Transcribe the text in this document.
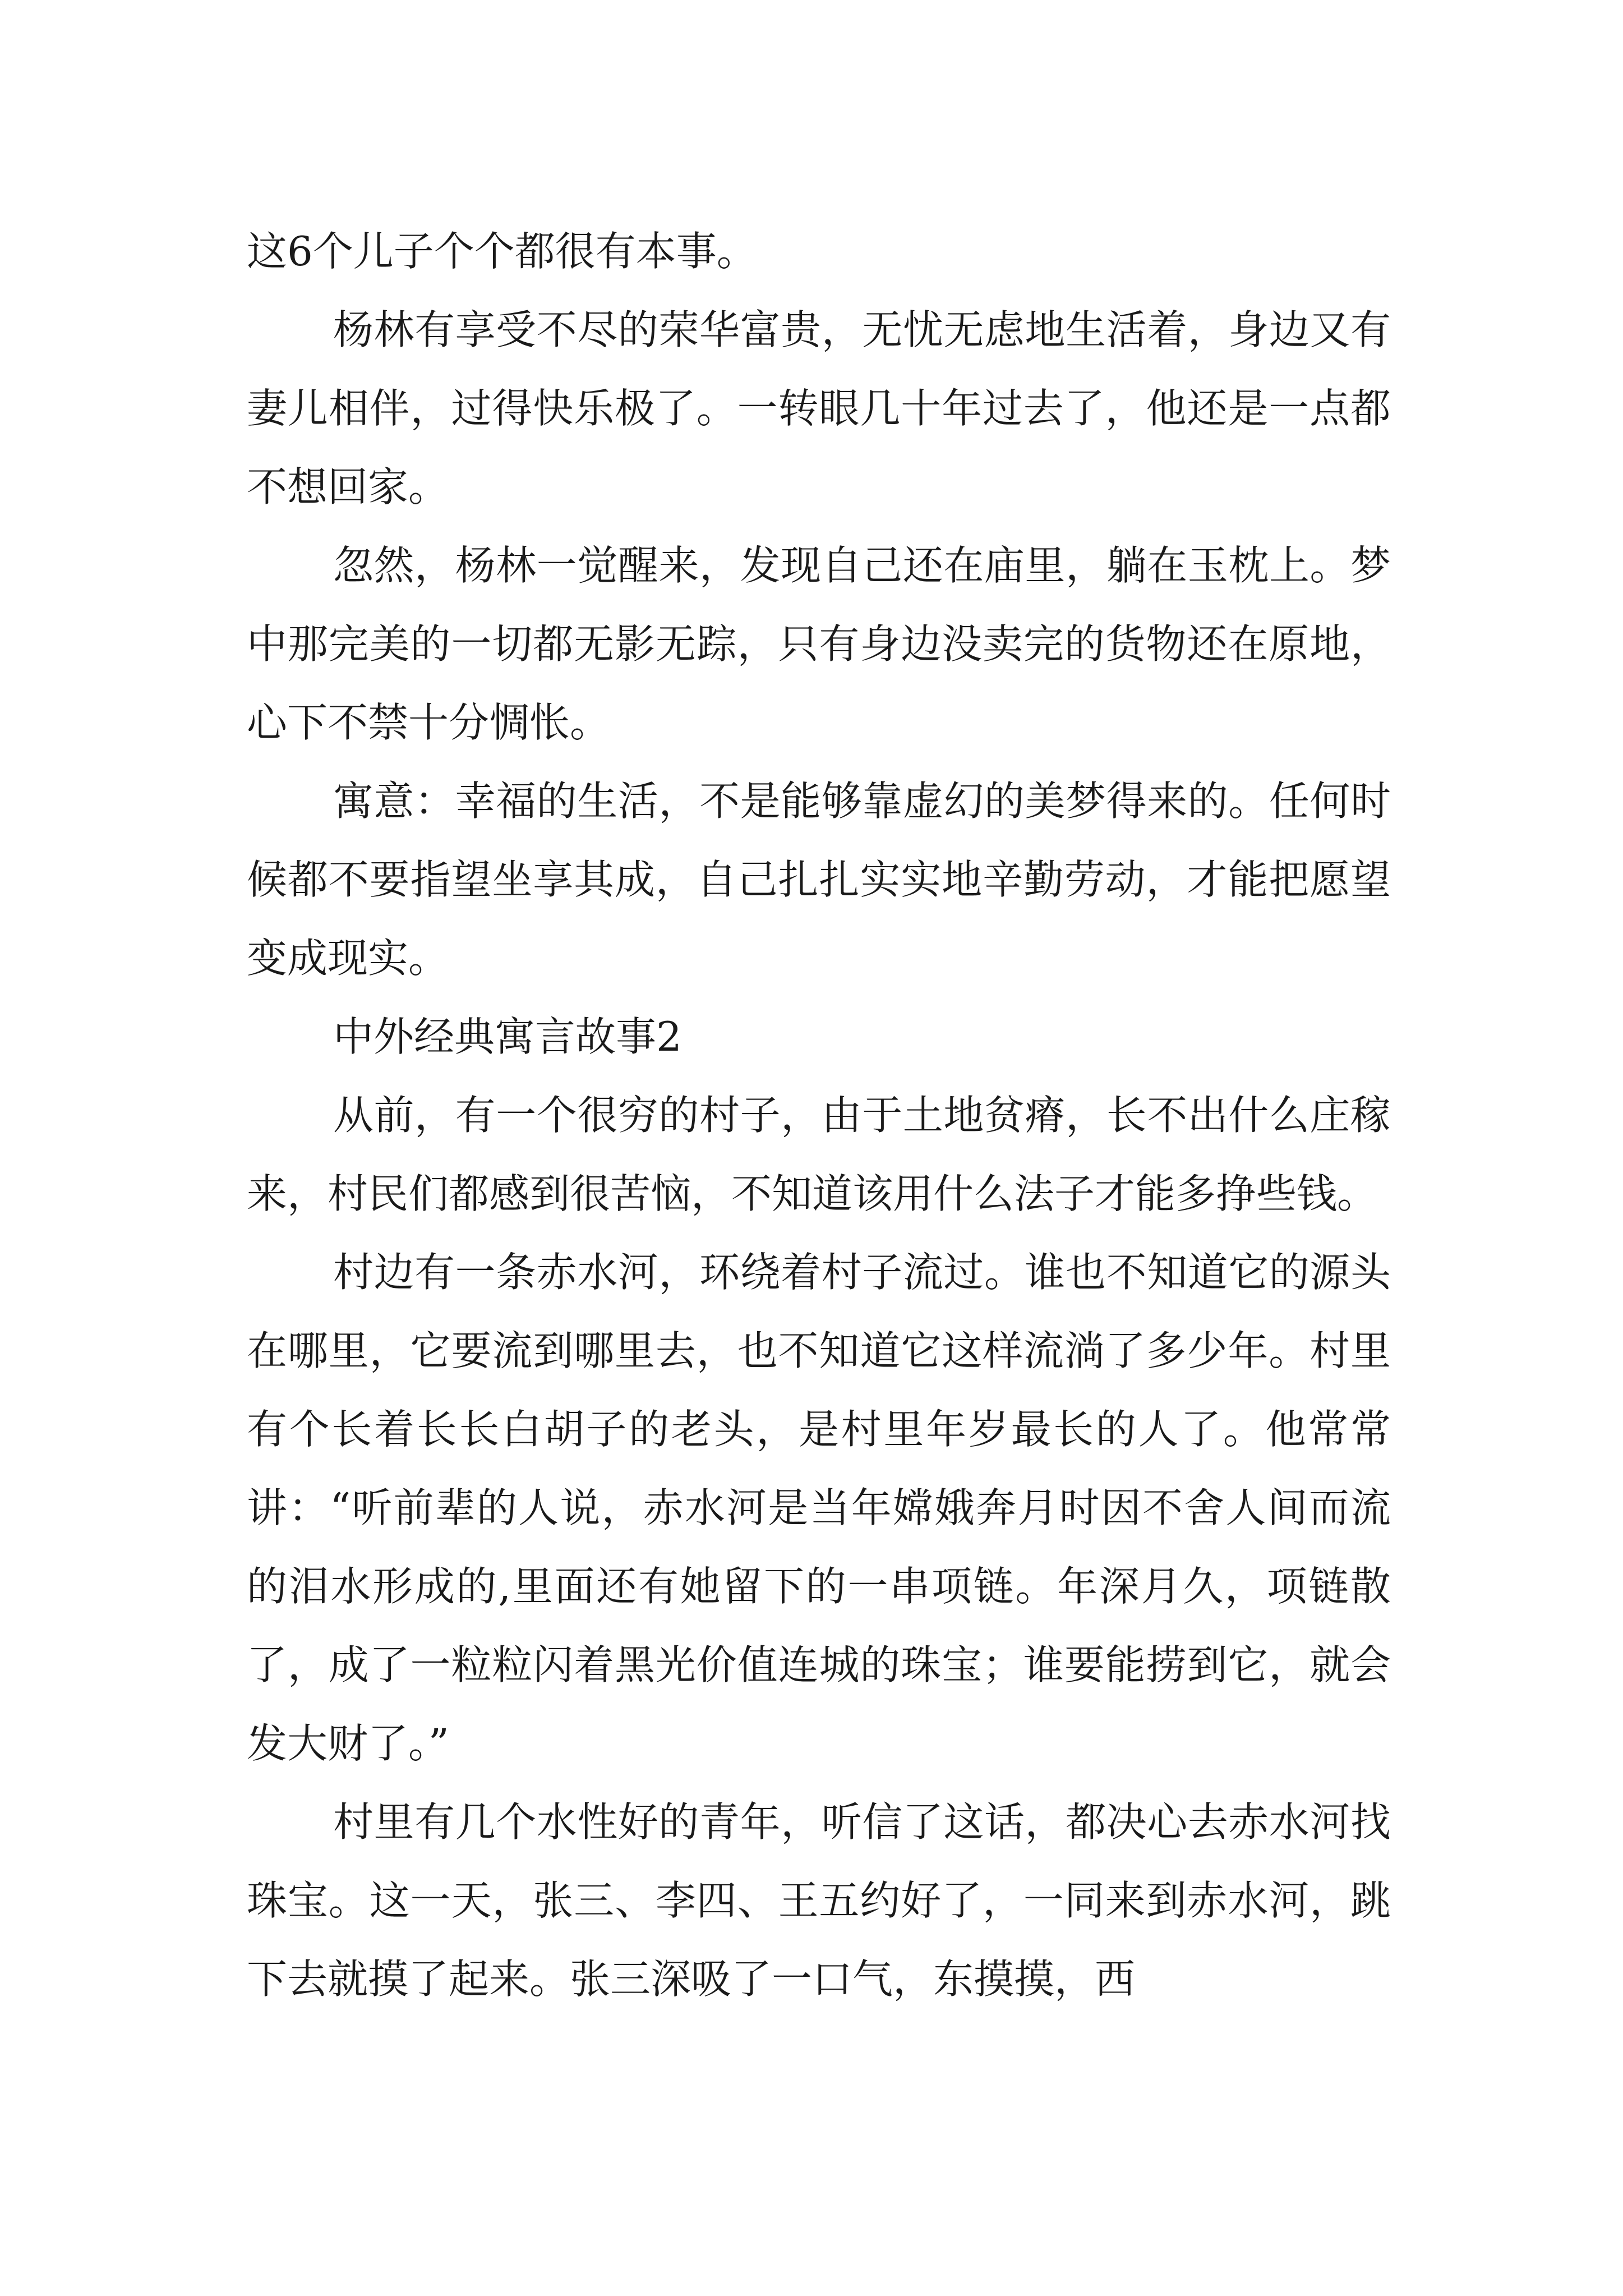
这6个儿子个个都很有本事。

杨林有享受不尽的荣华富贵，无忧无虑地生活着，身边又有妻儿相伴，过得快乐极了。一转眼几十年过去了，他还是一点都不想回家。

忽然，杨林一觉醒来，发现自己还在庙里，躺在玉枕上。梦中那完美的一切都无影无踪，只有身边没卖完的货物还在原地，心下不禁十分惆怅。

寓意：幸福的生活，不是能够靠虚幻的美梦得来的。任何时候都不要指望坐享其成，自己扎扎实实地辛勤劳动，才能把愿望变成现实。

中外经典寓言故事2

从前，有一个很穷的村子，由于土地贫瘠，长不出什么庄稼来，村民们都感到很苦恼，不知道该用什么法子才能多挣些钱。

村边有一条赤水河，环绕着村子流过。谁也不知道它的源头在哪里，它要流到哪里去，也不知道它这样流淌了多少年。村里有个长着长长白胡子的老头，是村里年岁最长的人了。他常常讲：“听前辈的人说，赤水河是当年嫦娥奔月时因不舍人间而流的泪水形成的,里面还有她留下的一串项链。年深月久，项链散了，成了一粒粒闪着黑光价值连城的珠宝；谁要能捞到它，就会发大财了。”

村里有几个水性好的青年，听信了这话，都决心去赤水河找珠宝。这一天，张三、李四、王五约好了，一同来到赤水河，跳下去就摸了起来。张三深吸了一口气，东摸摸，西
